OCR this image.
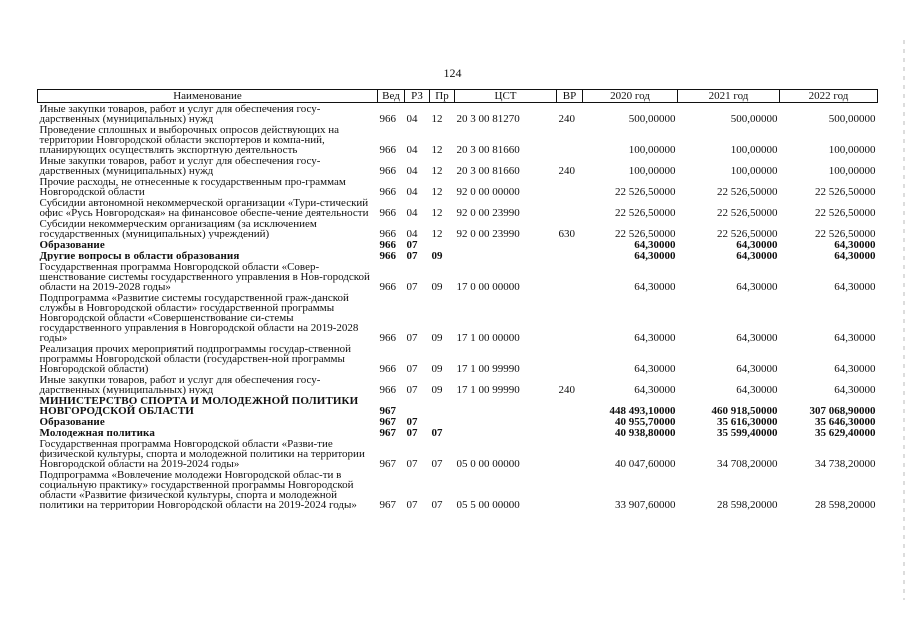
124
Наименование	Вед	РЗ	Пр	ЦСТ	ВР	2020 год	2021 год	2022 год
Иные закупки товаров, работ и услуг для обеспечения госу-дарственных (муниципальных) нужд	966	04	12	20 3 00 81270	240	500,00000	500,00000	500,00000
Проведение сплошных и выборочных опросов действующих на территории Новгородской области экспортеров и компа-ний, планирующих осуществлять экспортную деятельность	966	04	12	20 3 00 81660		100,00000	100,00000	100,00000
Иные закупки товаров, работ и услуг для обеспечения госу-дарственных (муниципальных) нужд	966	04	12	20 3 00 81660	240	100,00000	100,00000	100,00000
Прочие расходы, не отнесенные к государственным про-граммам Новгородской области	966	04	12	92 0 00 00000		22 526,50000	22 526,50000	22 526,50000
Субсидии автономной некоммерческой организации «Тури-стический офис «Русь Новгородская» на финансовое обеспе-чение деятельности	966	04	12	92 0 00 23990		22 526,50000	22 526,50000	22 526,50000
Субсидии некоммерческим организациям (за исключением государственных (муниципальных) учреждений)	966	04	12	92 0 00 23990	630	22 526,50000	22 526,50000	22 526,50000
Образование	966	07				64,30000	64,30000	64,30000
Другие вопросы в области образования	966	07	09			64,30000	64,30000	64,30000
Государственная программа Новгородской области «Совер-шенствование системы государственного управления в Нов-городской области на 2019-2028 годы»	966	07	09	17 0 00 00000		64,30000	64,30000	64,30000
Подпрограмма «Развитие системы государственной граж-данской службы в Новгородской области» государственной программы Новгородской области «Совершенствование си-стемы государственного управления в Новгородской области на 2019-2028 годы»	966	07	09	17 1 00 00000		64,30000	64,30000	64,30000
Реализация прочих мероприятий подпрограммы государ-ственной программы Новгородской области (государствен-ной программы Новгородской области)	966	07	09	17 1 00 99990		64,30000	64,30000	64,30000
Иные закупки товаров, работ и услуг для обеспечения госу-дарственных (муниципальных) нужд	966	07	09	17 1 00 99990	240	64,30000	64,30000	64,30000
МИНИСТЕРСТВО СПОРТА И МОЛОДЕЖНОЙ ПОЛИТИКИ НОВГОРОДСКОЙ ОБЛАСТИ	967					448 493,10000	460 918,50000	307 068,90000
Образование	967	07				40 955,70000	35 616,30000	35 646,30000
Молодежная политика	967	07	07			40 938,80000	35 599,40000	35 629,40000
Государственная программа Новгородской области «Разви-тие физической культуры, спорта и молодежной политики на территории Новгородской области на 2019-2024 годы»	967	07	07	05 0 00 00000		40 047,60000	34 708,20000	34 738,20000
Подпрограмма «Вовлечение молодежи Новгородской облас-ти в социальную практику» государственной программы Новгородской области «Развитие физической культуры, спорта и молодежной политики на территории Новгородской области на 2019-2024 годы»	967	07	07	05 5 00 00000		33 907,60000	28 598,20000	28 598,20000
